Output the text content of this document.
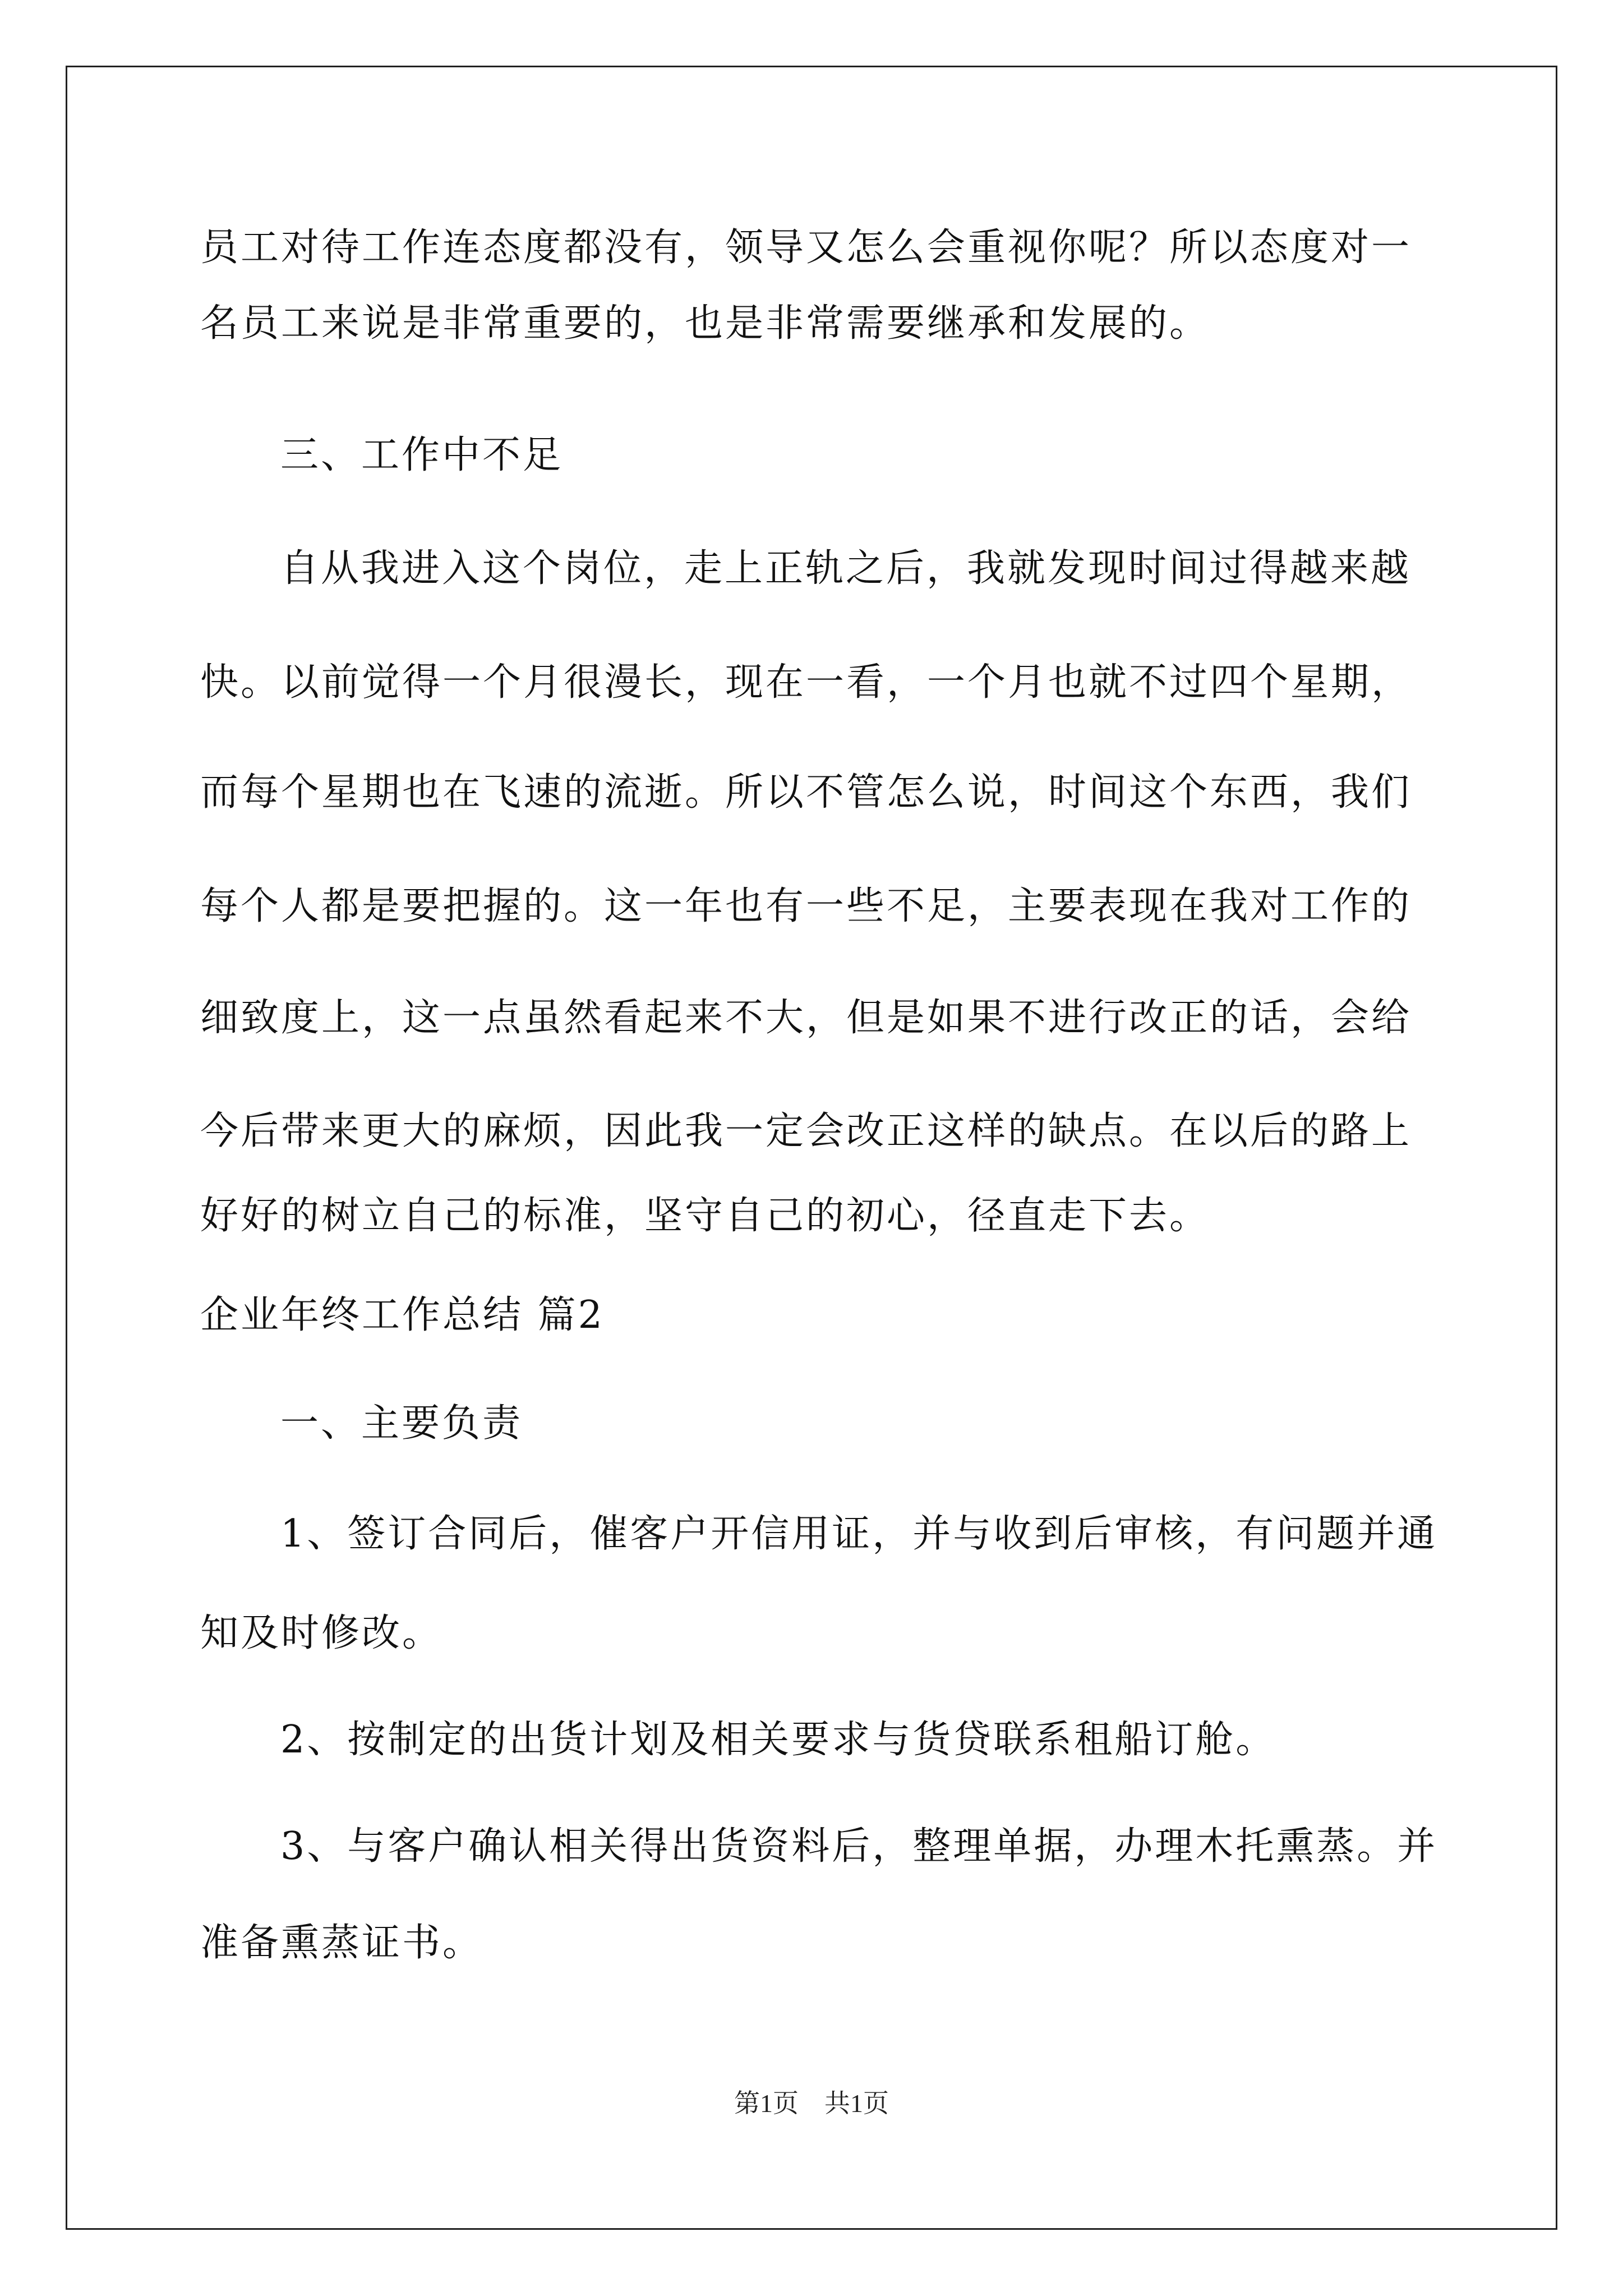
员工对待工作连态度都没有，领导又怎么会重视你呢？所以态度对一
名员工来说是非常重要的，也是非常需要继承和发展的。
三、工作中不足
自从我进入这个岗位，走上正轨之后，我就发现时间过得越来越
快。以前觉得一个月很漫长，现在一看，一个月也就不过四个星期，
而每个星期也在飞速的流逝。所以不管怎么说，时间这个东西，我们
每个人都是要把握的。这一年也有一些不足，主要表现在我对工作的
细致度上，这一点虽然看起来不大，但是如果不进行改正的话，会给
今后带来更大的麻烦，因此我一定会改正这样的缺点。在以后的路上
好好的树立自己的标准，坚守自己的初心，径直走下去。
企业年终工作总结 篇2
一、主要负责
1、签订合同后，催客户开信用证，并与收到后审核，有问题并通
知及时修改。
2、按制定的出货计划及相关要求与货贷联系租船订舱。
3、与客户确认相关得出货资料后，整理单据，办理木托熏蒸。并
准备熏蒸证书。
第1页　共1页
